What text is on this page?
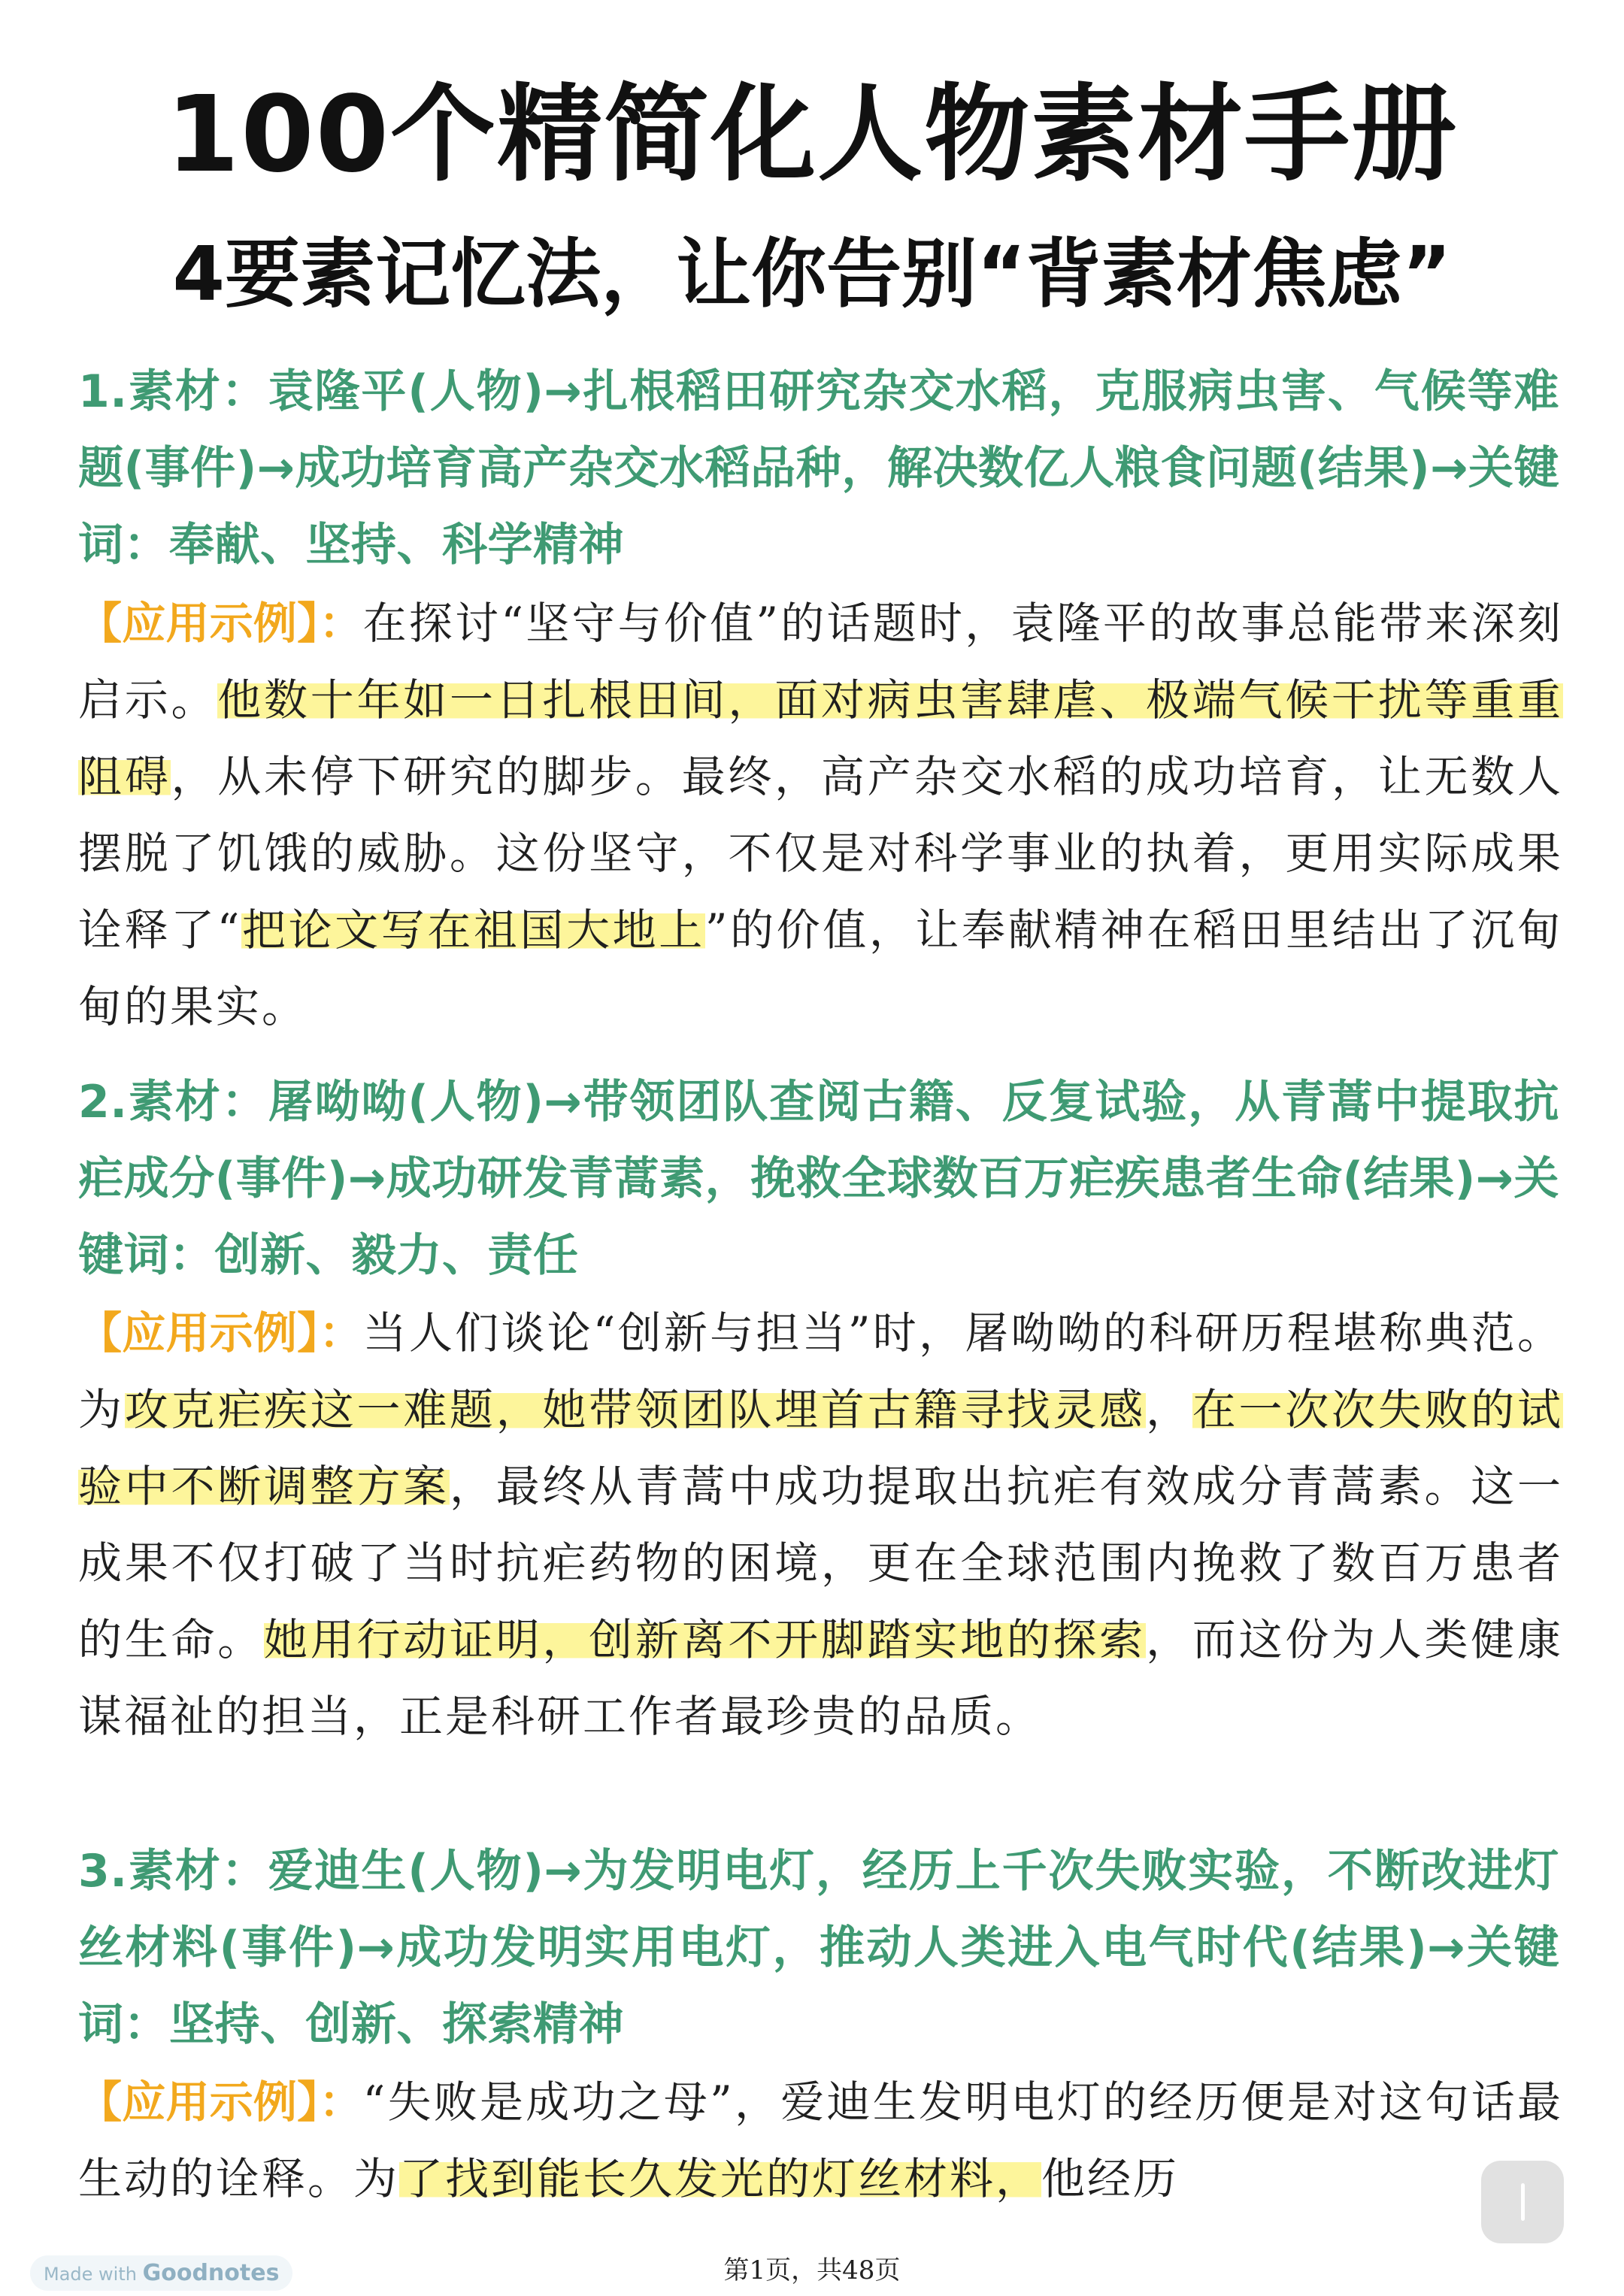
100个精简化人物素材手册
4要素记忆法，让你告别“背素材焦虑”
1.素材：袁隆平(人物)→扎根稻田研究杂交水稻，克服病虫害、气候等难题(事件)→成功培育高产杂交水稻品种，解决数亿人粮食问题(结果)→关键词：奉献、坚持、科学精神
【应用示例】：在探讨“坚守与价值”的话题时，袁隆平的故事总能带来深刻启示。他数十年如一日扎根田间，面对病虫害肆虐、极端气候干扰等重重阻碍，从未停下研究的脚步。最终，高产杂交水稻的成功培育，让无数人摆脱了饥饿的威胁。这份坚守，不仅是对科学事业的执着，更用实际成果诠释了“把论文写在祖国大地上”的价值，让奉献精神在稻田里结出了沉甸甸的果实。
2.素材：屠呦呦(人物)→带领团队查阅古籍、反复试验，从青蒿中提取抗疟成分(事件)→成功研发青蒿素，挽救全球数百万疟疾患者生命(结果)→关键词：创新、毅力、责任
【应用示例】：当人们谈论“创新与担当”时，屠呦呦的科研历程堪称典范。为攻克疟疾这一难题，她带领团队埋首古籍寻找灵感，在一次次失败的试验中不断调整方案，最终从青蒿中成功提取出抗疟有效成分青蒿素。这一成果不仅打破了当时抗疟药物的困境，更在全球范围内挽救了数百万患者的生命。她用行动证明，创新离不开脚踏实地的探索，而这份为人类健康谋福祉的担当，正是科研工作者最珍贵的品质。
3.素材：爱迪生(人物)→为发明电灯，经历上千次失败实验，不断改进灯丝材料(事件)→成功发明实用电灯，推动人类进入电气时代(结果)→关键词：坚持、创新、探索精神
【应用示例】：“失败是成功之母”，爱迪生发明电灯的经历便是对这句话最生动的诠释。为了找到能长久发光的灯丝材料，他经历
第1页，共48页
Made with Goodnotes
